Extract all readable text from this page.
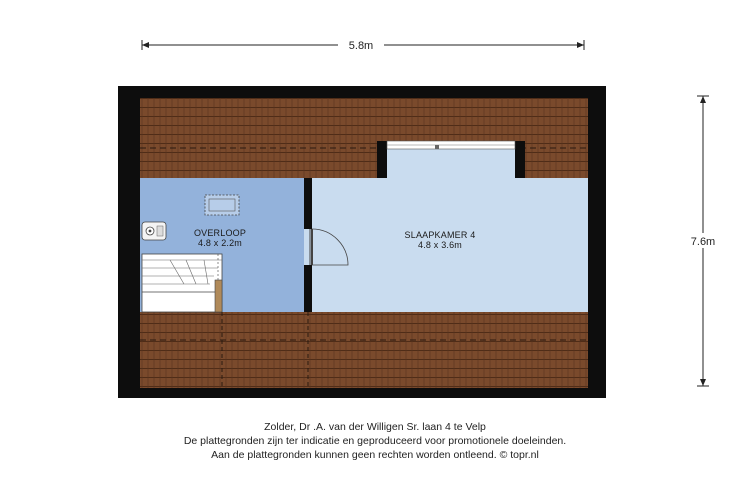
5.8m
7.6m
OVERLOOP
4.8 x 2.2m
SLAAPKAMER 4
4.8 x 3.6m
Zolder, Dr .A. van der Willigen Sr. laan 4 te Velp
De plattegronden zijn ter indicatie en geproduceerd voor promotionele doeleinden.
Aan de plattegronden kunnen geen rechten worden ontleend. © topr.nl
